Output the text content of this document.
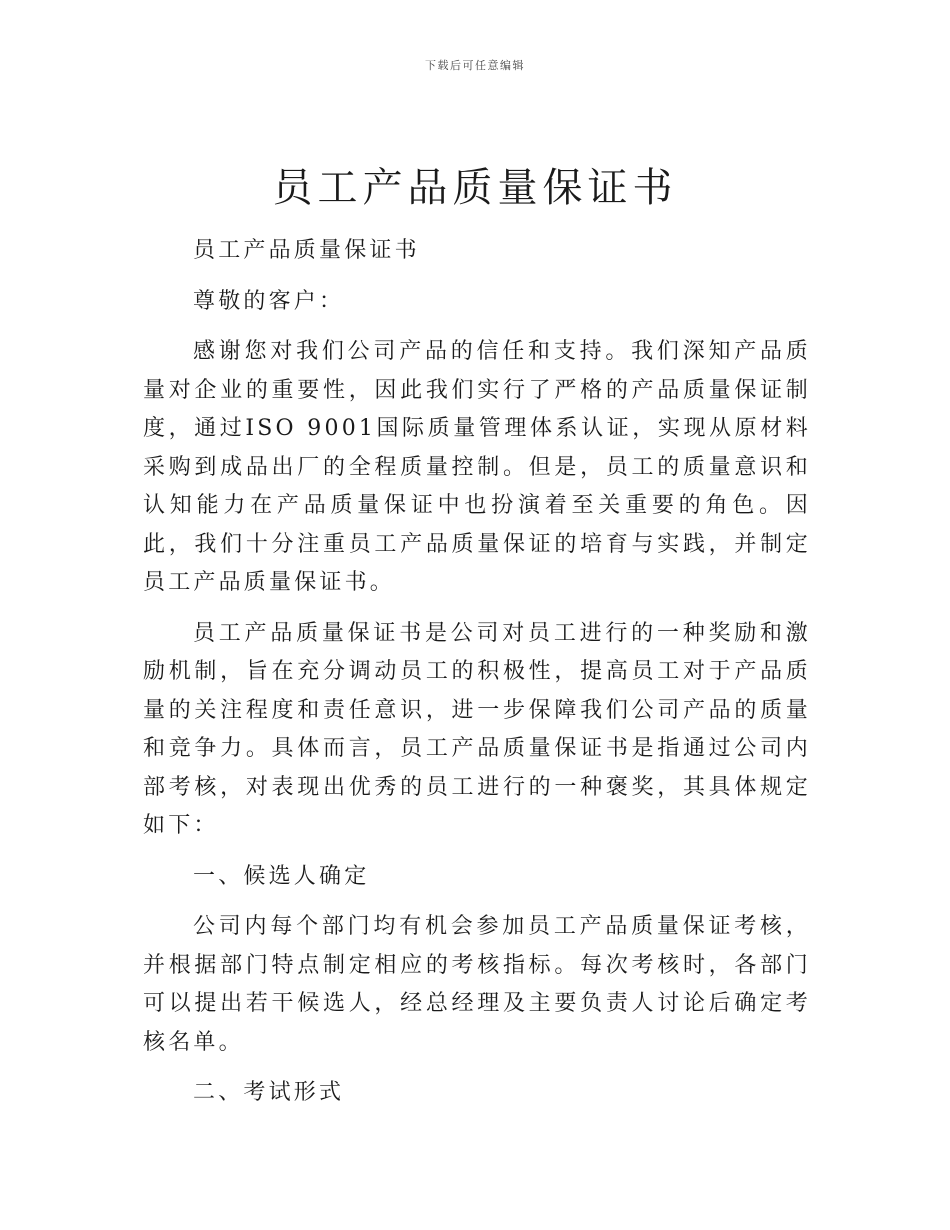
下载后可任意编辑
员工产品质量保证书

员工产品质量保证书

尊敬的客户：

感谢您对我们公司产品的信任和支持。我们深知产品质量对企业的重要性，因此我们实行了严格的产品质量保证制度，通过ISO 9001国际质量管理体系认证，实现从原材料采购到成品出厂的全程质量控制。但是，员工的质量意识和认知能力在产品质量保证中也扮演着至关重要的角色。因此，我们十分注重员工产品质量保证的培育与实践，并制定员工产品质量保证书。

员工产品质量保证书是公司对员工进行的一种奖励和激励机制，旨在充分调动员工的积极性，提高员工对于产品质量的关注程度和责任意识，进一步保障我们公司产品的质量和竞争力。具体而言，员工产品质量保证书是指通过公司内部考核，对表现出优秀的员工进行的一种褒奖，其具体规定如下：

一、候选人确定

公司内每个部门均有机会参加员工产品质量保证考核，并根据部门特点制定相应的考核指标。每次考核时，各部门可以提出若干候选人，经总经理及主要负责人讨论后确定考核名单。

二、考试形式
